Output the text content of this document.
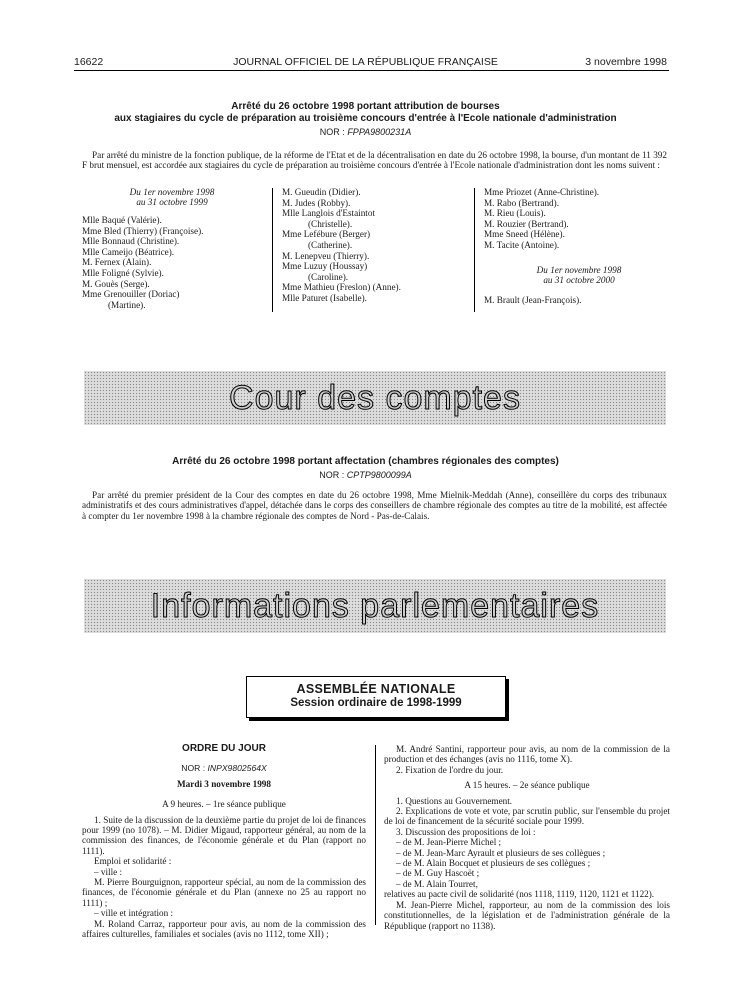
16622	JOURNAL OFFICIEL DE LA RÉPUBLIQUE FRANÇAISE	3 novembre 1998
Arrêté du 26 octobre 1998 portant attribution de bourses
aux stagiaires du cycle de préparation au troisième concours d'entrée à l'Ecole nationale d'administration
NOR : FPPA9800231A
Par arrêté du ministre de la fonction publique, de la réforme de l'Etat et de la décentralisation en date du 26 octobre 1998, la bourse, d'un montant de 11 392 F brut mensuel, est accordée aux stagiaires du cycle de préparation au troisième concours d'entrée à l'Ecole nationale d'administration dont les noms suivent :
Du 1er novembre 1998
au 31 octobre 1999

Mlle Baqué (Valérie).

Mme Bled (Thierry) (Françoise).

Mlle Bonnaud (Christine).

Mlle Cameijo (Béatrice).

M. Fernex (Alain).

Mlle Foligné (Sylvie).

M. Gouès (Serge).

Mme Grenouiller (Doriac)

(Martine).

M. Gueudin (Didier).

M. Judes (Robby).

Mlle Langlois d'Estaintot

(Christelle).

Mme Lefébure (Berger)

(Catherine).

M. Lenepveu (Thierry).

Mme Luzuy (Houssay)

(Caroline).

Mme Mathieu (Freslon) (Anne).

Mlle Paturet (Isabelle).

Mme Priozet (Anne-Christine).

M. Rabo (Bertrand).

M. Rieu (Louis).

M. Rouzier (Bertrand).

Mme Sneed (Hélène).

M. Tacite (Antoine).

Du 1er novembre 1998
au 31 octobre 2000

M. Brault (Jean-François).

Cour des comptes
Arrêté du 26 octobre 1998 portant affectation (chambres régionales des comptes)
NOR : CPTP9800099A
Par arrêté du premier président de la Cour des comptes en date du 26 octobre 1998, Mme Mielnik-Meddah (Anne), conseillère du corps des tribunaux administratifs et des cours administratives d'appel, détachée dans le corps des conseillers de chambre régionale des comptes au titre de la mobilité, est affectée à compter du 1er novembre 1998 à la chambre régionale des comptes de Nord - Pas-de-Calais.
Informations parlementaires
ASSEMBLÉE NATIONALE
Session ordinaire de 1998-1999

ORDRE DU JOUR

NOR : INPX9802564X

Mardi 3 novembre 1998

A 9 heures. – 1re séance publique

1. Suite de la discussion de la deuxième partie du projet de loi de finances pour 1999 (no 1078). – M. Didier Migaud, rapporteur général, au nom de la commission des finances, de l'économie générale et du Plan (rapport no 1111).

Emploi et solidarité :

– ville :

M. Pierre Bourguignon, rapporteur spécial, au nom de la commission des finances, de l'économie générale et du Plan (annexe no 25 au rapport no 1111) ;

– ville et intégration :

M. Roland Carraz, rapporteur pour avis, au nom de la commission des affaires culturelles, familiales et sociales (avis no 1112, tome XII) ;

M. André Santini, rapporteur pour avis, au nom de la commission de la production et des échanges (avis no 1116, tome X).

2. Fixation de l'ordre du jour.

A 15 heures. – 2e séance publique

1. Questions au Gouvernement.

2. Explications de vote et vote, par scrutin public, sur l'ensemble du projet de loi de financement de la sécurité sociale pour 1999.

3. Discussion des propositions de loi :

– de M. Jean-Pierre Michel ;

– de M. Jean-Marc Ayrault et plusieurs de ses collègues ;

– de M. Alain Bocquet et plusieurs de ses collègues ;

– de M. Guy Hascoët ;

– de M. Alain Tourret,

relatives au pacte civil de solidarité (nos 1118, 1119, 1120, 1121 et 1122).

M. Jean-Pierre Michel, rapporteur, au nom de la commission des lois constitutionnelles, de la législation et de l'administration générale de la République (rapport no 1138).
